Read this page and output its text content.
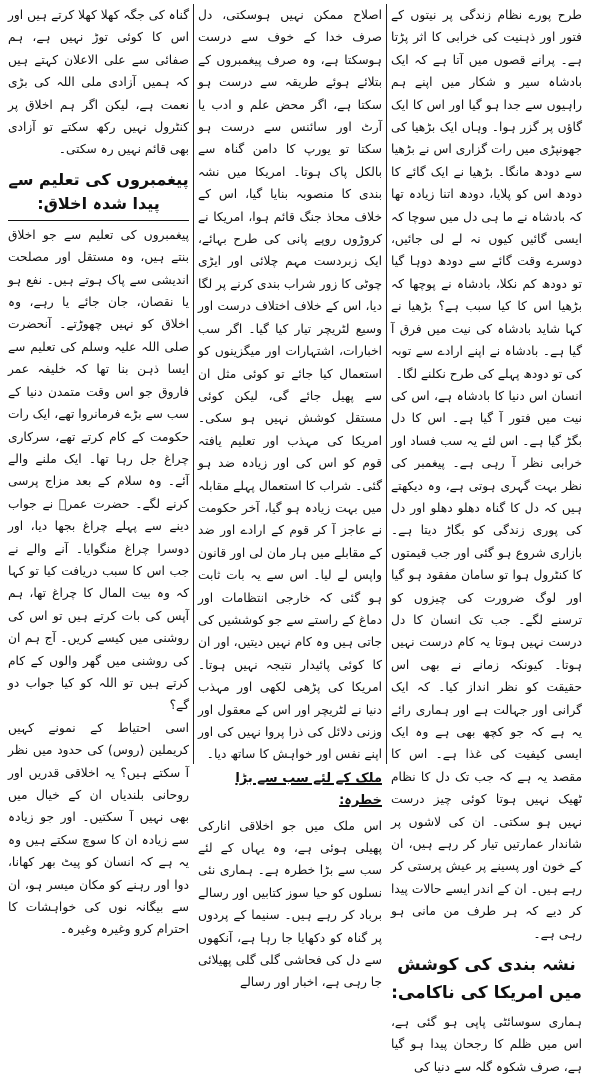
طرح پورے نظام زندگی پر نیتوں کے فتور اور ذہنیت کی خرابی کا اثر پڑتا ہے۔ پرانے قصوں میں آتا ہے کہ ایک بادشاہ سیر و شکار میں اپنے ہم راہیوں سے جدا ہو گیا اور اس کا ایک گاؤں پر گزر ہوا۔ وہاں ایک بڑھیا کی جھونپڑی میں رات گزاری اس نے بڑھیا سے دودھ مانگا۔ بڑھیا نے ایک گائے کا دودھ اس کو پلایا، دودھ اتنا زیادہ تھا کہ بادشاہ نے ما ہی دل میں سوچا کہ ایسی گائیں کیوں نہ لے لی جائیں، دوسرے وقت گائے سے دودھ دوہا گیا تو دودھ کم نکلا، بادشاہ نے پوچھا کہ بڑھیا اس کا کیا سبب ہے؟ بڑھیا نے کہا شاید بادشاہ کی نیت میں فرق آ گیا ہے۔ بادشاہ نے اپنے ارادے سے توبہ کی تو دودھ پہلے کی طرح نکلنے لگا۔

انسان اس دنیا کا بادشاہ ہے، اس کی نیت میں فتور آ گیا ہے۔ اس کا دل بگڑ گیا ہے۔ اس لئے یہ سب فساد اور خرابی نظر آ رہی ہے۔ پیغمبر کی نظر بہت گہری ہوتی ہے، وہ دیکھتے ہیں کہ دل کا گناہ دھلو دھلو اور دل کی پوری زندگی کو بگاڑ دیتا ہے۔ بازاری شروع ہو گئی اور جب قیمتوں کا کنٹرول ہوا تو سامان مفقود ہو گیا اور لوگ ضرورت کی چیزوں کو ترسنے لگے۔ جب تک انسان کا دل درست نہیں ہوتا یہ کام درست نہیں ہوتا۔ کیونکہ زمانے نے بھی اس حقیقت کو نظر انداز کیا۔ کہ ایک گرانی اور جہالت ہے اور ہماری رائے یہ ہے کہ جو کچھ بھی ہے وہ ایک ایسی کیفیت کی غذا ہے۔ اس کا مقصد یہ ہے کہ جب تک دل کا نظام ٹھیک نہیں ہوتا کوئی چیز درست نہیں ہو سکتی۔ ان کی لاشوں پر شاندار عمارتیں تیار کر رہے ہیں، ان کے خون اور پسینے پر عیش پرستی کر رہے ہیں۔ ان کے اندر ایسے حالات پیدا کر دیے کہ ہر طرف من مانی ہو رہی ہے۔

نشہ بندی کی کوشش میں امریکا کی ناکامی:

ہماری سوسائٹی پاپی ہو گئی ہے، اس میں ظلم کا رجحان پیدا ہو گیا ہے، صرف شکوہ گلہ سے دنیا کی

اصلاح ممکن نہیں ہوسکتی، دل صرف خدا کے خوف سے درست ہوسکتا ہے، وہ صرف پیغمبروں کے بتلائے ہوئے طریقہ سے درست ہو سکتا ہے، اگر محض علم و ادب یا آرٹ اور سائنس سے درست ہو سکتا تو یورپ کا دامن گناہ سے بالکل پاک ہوتا۔ امریکا میں نشہ بندی کا منصوبہ بنایا گیا، اس کے خلاف محاذ جنگ قائم ہوا، امریکا نے کروڑوں روپے پانی کی طرح بہائے، ایک زبردست مہم چلائی اور ایڑی چوٹی کا زور شراب بندی کرنے پر لگا دیا، اس کے خلاف اختلاف درست اور وسیع لٹریچر تیار کیا گیا۔ اگر سب اخبارات، اشتہارات اور میگزینوں کو استعمال کیا جائے تو کوئی مثل ان سے پھیل جائے گی، لیکن کوئی مستقل کوشش نہیں ہو سکی۔ امریکا کی مہذب اور تعلیم یافتہ قوم کو اس کی اور زیادہ ضد ہو گئی۔ شراب کا استعمال پہلے مقابلہ میں بہت زیادہ ہو گیا، آخر حکومت نے عاجز آ کر قوم کے ارادے اور ضد کے مقابلے میں ہار مان لی اور قانون واپس لے لیا۔ اس سے یہ بات ثابت ہو گئی کہ خارجی انتظامات اور دماغ کے راستے سے جو کوششیں کی جاتی ہیں وہ کام نہیں دیتیں، اور ان کا کوئی پائیدار نتیجہ نہیں ہوتا۔ امریکا کی پڑھی لکھی اور مہذب دنیا نے لٹریچر اور اس کے معقول اور وزنی دلائل کی ذرا پروا نہیں کی اور اپنے نفس اور خواہش کا ساتھ دیا۔

ملک کے لئے سب سے بڑا خطرہ:

اس ملک میں جو اخلاقی انارکی پھیلی ہوئی ہے، وہ یہاں کے لئے سب سے بڑا خطرہ ہے۔ ہماری نئی نسلوں کو حیا سوز کتابیں اور رسالے برباد کر رہے ہیں۔ سنیما کے پردوں پر گناہ کو دکھایا جا رہا ہے، آنکھوں سے دل کی فحاشی گلی گلی پھیلائی جا رہی ہے، اخبار اور رسالے

گناہ کی جگہ کھلا کھلا کرتے ہیں اور اس کا کوئی توڑ نہیں ہے، ہم صفائی سے علی الاعلان کہتے ہیں کہ ہمیں آزادی ملی اللہ کی بڑی نعمت ہے، لیکن اگر ہم اخلاق پر کنٹرول نہیں رکھ سکتے تو آزادی بھی قائم نہیں رہ سکتی۔

پیغمبروں کی تعلیم سے پیدا شدہ اخلاق:

پیغمبروں کی تعلیم سے جو اخلاق بنتے ہیں، وہ مستقل اور مصلحت اندیشی سے پاک ہوتے ہیں۔ نفع ہو یا نقصان، جان جائے یا رہے، وہ اخلاق کو نہیں چھوڑتے۔ آنحضرت صلی اللہ علیہ وسلم کی تعلیم سے ایسا ذہن بنا تھا کہ خلیفہ عمر فاروق جو اس وقت متمدن دنیا کے سب سے بڑے فرمانروا تھے، ایک رات حکومت کے کام کرتے تھے، سرکاری چراغ جل رہا تھا۔ ایک ملنے والے آئے۔ وہ سلام کے بعد مزاج پرسی کرنے لگے۔ حضرت عمرؓ نے جواب دینے سے پہلے چراغ بجھا دیا، اور دوسرا چراغ منگوایا۔ آنے والے نے جب اس کا سبب دریافت کیا تو کہا کہ وہ بیت المال کا چراغ تھا، ہم آپس کی بات کرتے ہیں تو اس کی روشنی میں کیسے کریں۔ آج ہم ان کی روشنی میں گھر والوں کے کام کرتے ہیں تو اللہ کو کیا جواب دو گے؟

اسی احتیاط کے نمونے کہیں کریملین (روس) کی حدود میں نظر آ سکتے ہیں؟ یہ اخلاقی قدریں اور روحانی بلندیاں ان کے خیال میں بھی نہیں آ سکتیں۔ اور جو زیادہ سے زیادہ ان کا سوچ سکتے ہیں وہ یہ ہے کہ انسان کو پیٹ بھر کھانا، دوا اور رہنے کو مکان میسر ہو، ان سے بیگانہ نوں کی خواہشات کا احترام کرو وغیرہ وغیرہ۔
